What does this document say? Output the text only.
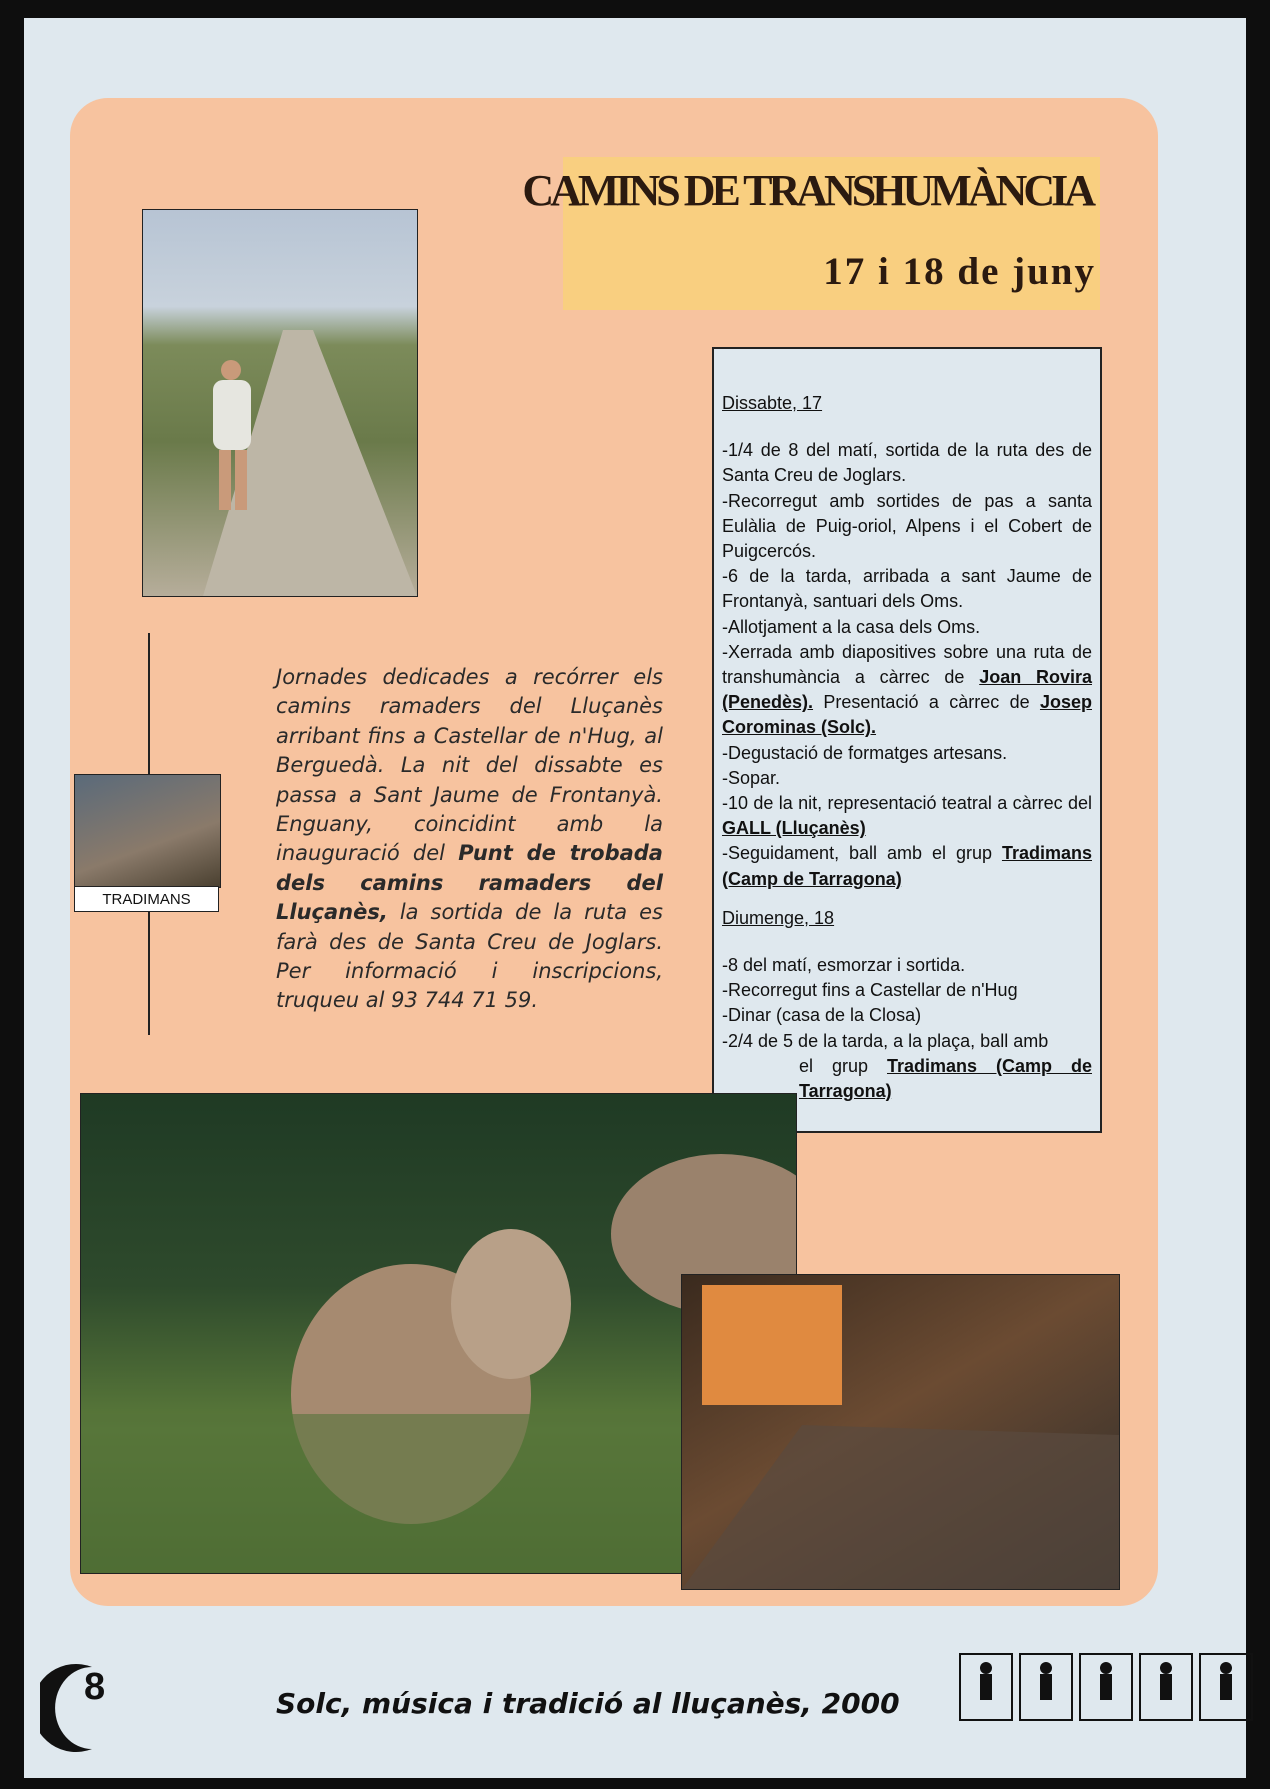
CAMINS DE TRANSHUMÀNCIA
17 i 18 de juny
TRADIMANS
Jornades dedicades a recórrer els camins ramaders del Lluçanès arribant fins a Castellar de n'Hug, al Berguedà. La nit del dissabte es passa a Sant Jaume de Frontanyà. Enguany, coincidint amb la inauguració del Punt de trobada dels camins ramaders del Lluçanès, la sortida de la ruta es farà des de Santa Creu de Joglars. Per informació i inscripcions, truqueu al 93 744 71 59.
Dissabte, 17
-1/4 de 8 del matí, sortida de la ruta des de Santa Creu de Joglars.
-Recorregut amb sortides de pas a santa Eulàlia de Puig-oriol, Alpens i el Cobert de Puigcercós.
-6 de la tarda, arribada a sant Jaume de Frontanyà, santuari dels Oms.
-Allotjament a la casa dels Oms.
-Xerrada amb diapositives sobre una ruta de transhumància a càrrec de Joan Rovira (Penedès). Presentació a càrrec de Josep Corominas (Solc).
-Degustació de formatges artesans.
-Sopar.
-10 de la nit, representació teatral a càrrec del GALL (Lluçanès)
-Seguidament, ball amb el grup Tradimans (Camp de Tarragona)
Diumenge, 18
-8 del matí, esmorzar i sortida.
-Recorregut fins a Castellar de n'Hug
-Dinar (casa de la Closa)
-2/4 de 5 de la tarda, a la plaça, ball amb
el grup Tradimans (Camp de Tarragona)
8	Solc, música i tradició al lluçanès, 2000
